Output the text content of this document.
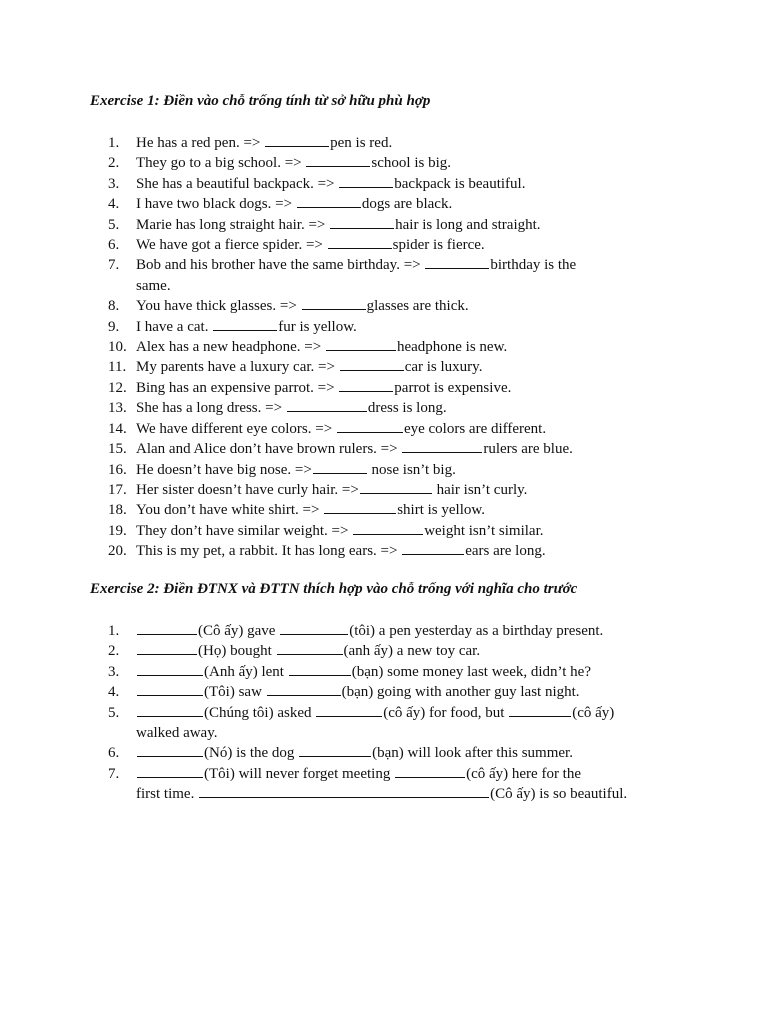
Exercise 1: Điền vào chỗ trống tính từ sở hữu phù hợp
1. He has a red pen. =>	pen is red.
2. They go to a big school. =>	school is big.
3. She has a beautiful backpack. =>	backpack is beautiful.
4. I have two black dogs. =>	dogs are black.
5. Marie has long straight hair. =>	hair is long and straight.
6. We have got a fierce spider. =>	spider is fierce.
7. Bob and his brother have the same birthday. =>	birthday is the
same.
8. You have thick glasses. =>	glasses are thick.
9. I have a cat.	fur is yellow.
10. Alex has a new headphone. =>	headphone is new.
11. My parents have a luxury car. =>	car is luxury.
12. Bing has an expensive parrot. =>	parrot is expensive.
13. She has a long dress. =>	dress is long.
14. We have different eye colors. =>	eye colors are different.
15. Alan and Alice don’t have brown rulers. =>	rulers are blue.
16. He doesn’t have big nose. =>	nose isn’t big.
17. Her sister doesn’t have curly hair. =>	hair isn’t curly.
18. You don’t have white shirt. =>	shirt is yellow.
19. They don’t have similar weight. =>	weight isn’t similar.
20. This is my pet, a rabbit. It has long ears. =>	ears are long.
Exercise 2: Điền ĐTNX và ĐTTN thích hợp vào chỗ trống với nghĩa cho trước
1.	(Cô ấy) gave	(tôi) a pen yesterday as a birthday present.
2.	(Họ) bought	(anh ấy) a new toy car.
3.	(Anh ấy) lent	(bạn) some money last week, didn’t he?
4.	(Tôi) saw	(bạn) going with another guy last night.
5.	(Chúng tôi) asked	(cô ấy) for food, but	(cô ấy)
walked away.
6.	(Nó) is the dog	(bạn) will look after this summer.
7.	(Tôi) will never forget meeting	(cô ấy) here for the
first time.	(Cô ấy) is so beautiful.
